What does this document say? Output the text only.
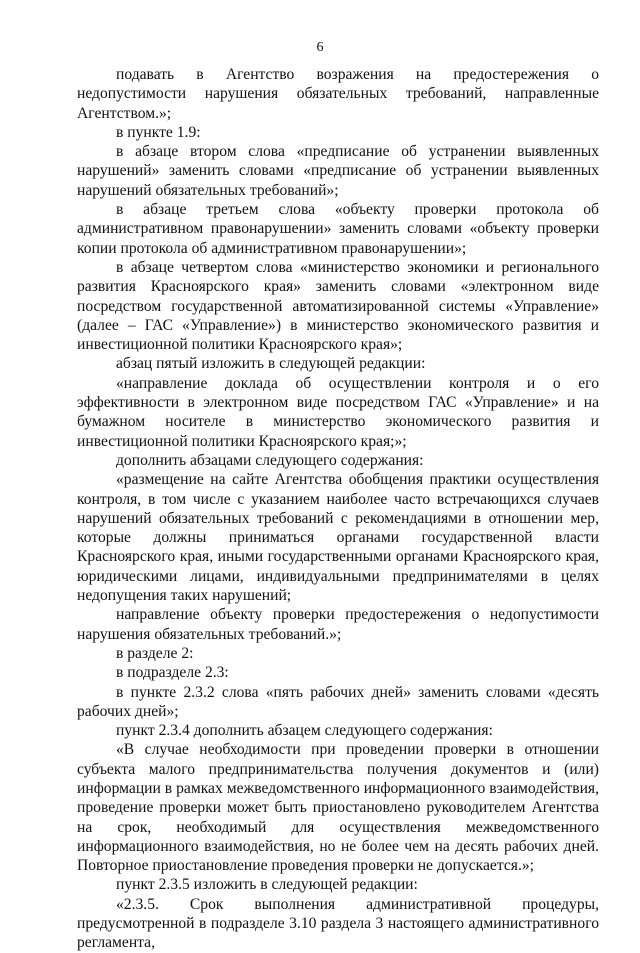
6

подавать в Агентство возражения на предостережения о недопустимости нарушения обязательных требований, направленные Агентством.»;

в пункте 1.9:

в абзаце втором слова «предписание об устранении выявленных нарушений» заменить словами «предписание об устранении выявленных нарушений обязательных требований»;

в абзаце третьем слова «объекту проверки протокола об административном правонарушении» заменить словами «объекту проверки копии протокола об административном правонарушении»;

в абзаце четвертом слова «министерство экономики и регионального развития Красноярского края» заменить словами «электронном виде посредством государственной автоматизированной системы «Управление» (далее – ГАС «Управление») в министерство экономического развития и инвестиционной политики Красноярского края»;

абзац пятый изложить в следующей редакции:

«направление доклада об осуществлении контроля и о его эффективности в электронном виде посредством ГАС «Управление» и на бумажном носителе в министерство экономического развития и инвестиционной политики Красноярского края;»;

дополнить абзацами следующего содержания:

«размещение на сайте Агентства обобщения практики осуществления контроля, в том числе с указанием наиболее часто встречающихся случаев нарушений обязательных требований с рекомендациями в отношении мер, которые должны приниматься органами государственной власти Красноярского края, иными государственными органами Красноярского края, юридическими лицами, индивидуальными предпринимателями в целях недопущения таких нарушений;

направление объекту проверки предостережения о недопустимости нарушения обязательных требований.»;

в разделе 2:

в подразделе 2.3:

в пункте 2.3.2 слова «пять рабочих дней» заменить словами «десять рабочих дней»;

пункт 2.3.4 дополнить абзацем следующего содержания:

«В случае необходимости при проведении проверки в отношении субъекта малого предпринимательства получения документов и (или) информации в рамках межведомственного информационного взаимодействия, проведение проверки может быть приостановлено руководителем Агентства на срок, необходимый для осуществления межведомственного информационного взаимодействия, но не более чем на десять рабочих дней. Повторное приостановление проведения проверки не допускается.»;

пункт 2.3.5 изложить в следующей редакции:

«2.3.5. Срок выполнения административной процедуры, предусмотренной в подразделе 3.10 раздела 3 настоящего административного регламента,
